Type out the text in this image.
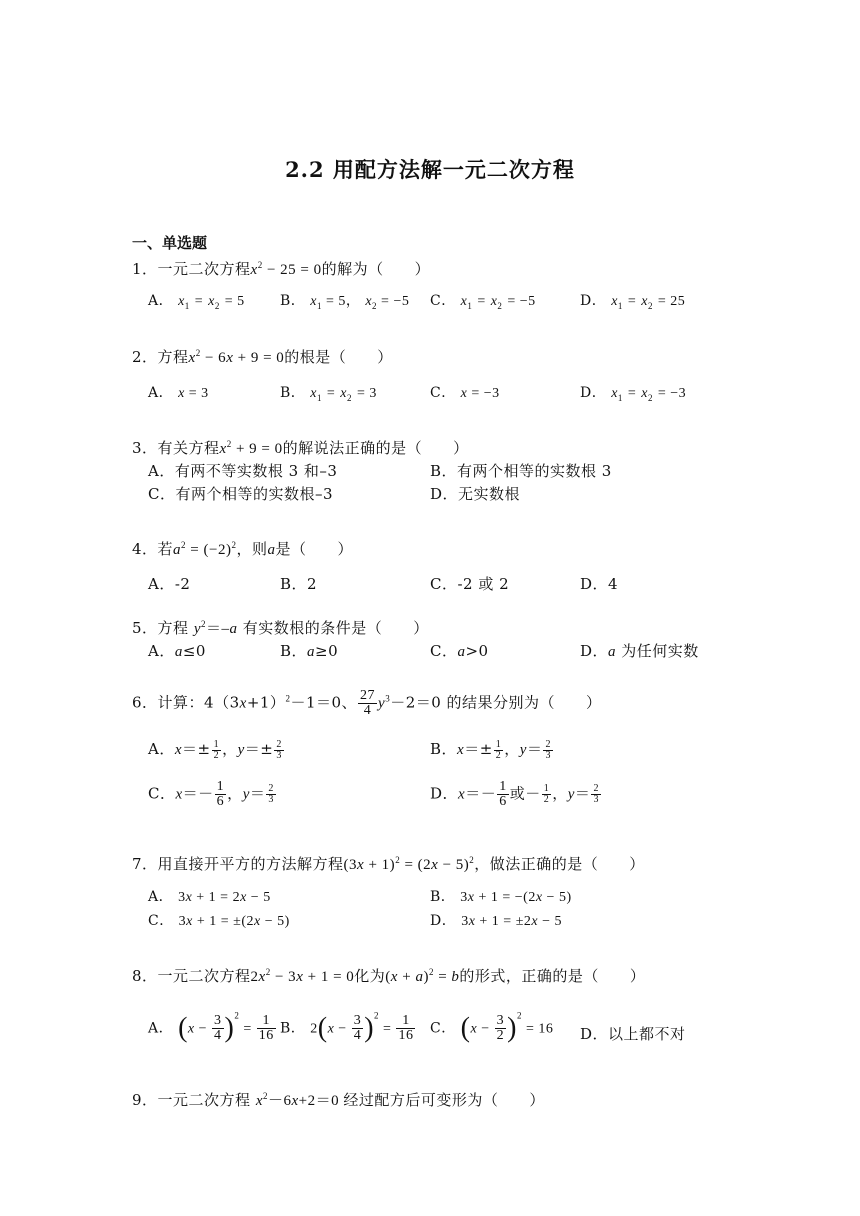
2.2 用配方法解一元二次方程
一、单选题
1．一元二次方程$x^2 - 25 = 0$的解为（　　）
A． $x_1 = x_2 = 5$	B． $x_1 = 5$， $x_2 = -5$ C． $x_1 = x_2 = -5$	D． $x_1 = x_2 = 25$
2．方程$x^2 - 6x + 9 = 0$的根是（　　）
A． x = 3	B． $x_1 = x_2 = 3$	C． x = −3	D． $x_1 = x_2 = -3$
3．有关方程$x^2 + 9 = 0$的解说法正确的是（　　）
A．有两不等实数根 3 和–3	B．有两个相等的实数根 3
C．有两个相等的实数根–3	D．无实数根
4．若$a^2 = (-2)^2$，则a是（　　）
A．-2	B．2	C．-2 或 2	D．4
5．方程 $y^2=-a$ 有实数根的条件是（　　）
A．a≤0	B．a≥0	C．a>0	D．a 为任何实数
6．计算：$4(3x+1)^2-1=0$、 $\frac{27}{4} y^3-2=0$ 的结果分别为（　　）
A．$x=\pm \frac{1}{2}$ ，$y=\pm \frac{2}{3}$	B．$x=\pm \frac{1}{2}$ ，$y= \frac{2}{3}$
C．$x=- \frac{1}{6}$ ，$y= \frac{2}{3}$	D．$x=- \frac{1}{6}$ 或－ $\frac{1}{2}$ ，$y= \frac{2}{3}$
7．用直接开平方的方法解方程$(3x + 1)^2 = (2x - 5)^2$，做法正确的是（　　）
A． 3x + 1 = 2x − 5	B． 3x + 1 = −(2x − 5)
C． 3x + 1 = ±(2x − 5)	D． 3x + 1 = ±2x − 5
8．一元二次方程$2x^2 - 3x + 1 = 0$化为$(x + a)^2 = b$的形式，正确的是（　　）
A． $(x - \frac{3}{4} )^2 = \frac{1}{16}$ B． $2(x - \frac{3}{4} )^2 = \frac{1}{16}$ C． $(x - \frac{3}{2} )^2 = 16$ D．以上都不对
9．一元二次方程 $x^2-6x+2=0$ 经过配方后可变形为（　　）
